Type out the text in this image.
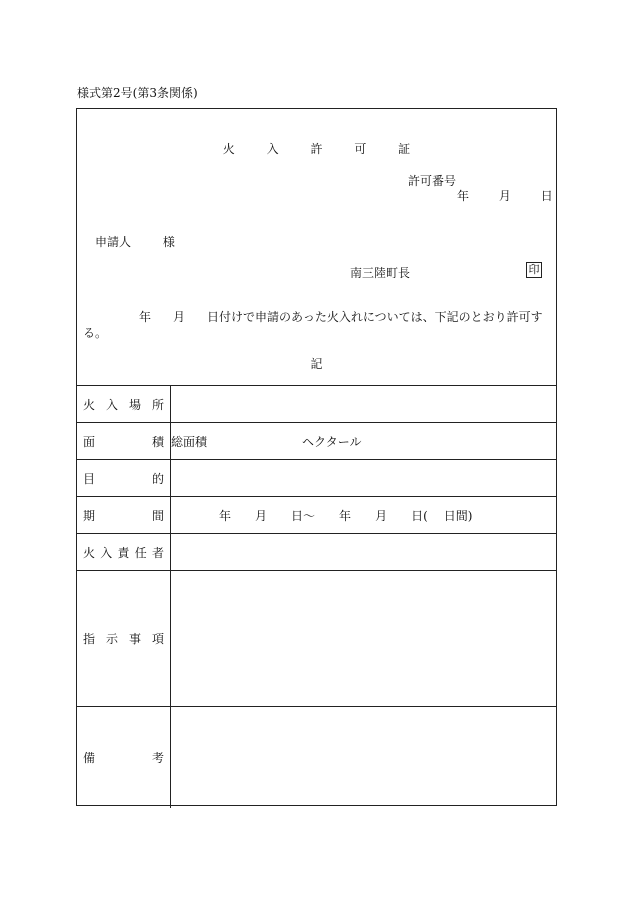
様式第2号(第3条関係)
火	入	許	可	証
許可番号
年 月 日
申請人	様
南三陸町長	印
年 月 日付けで申請のあった火入れについては、下記のとおり許可する。
記
火 入 場 所	

面 積	総面積 ヘクタール

目 的	

期 間	年 月 日〜 年 月 日( 日間)

火 入 責 任 者	

指 示 事 項	

備 考	
